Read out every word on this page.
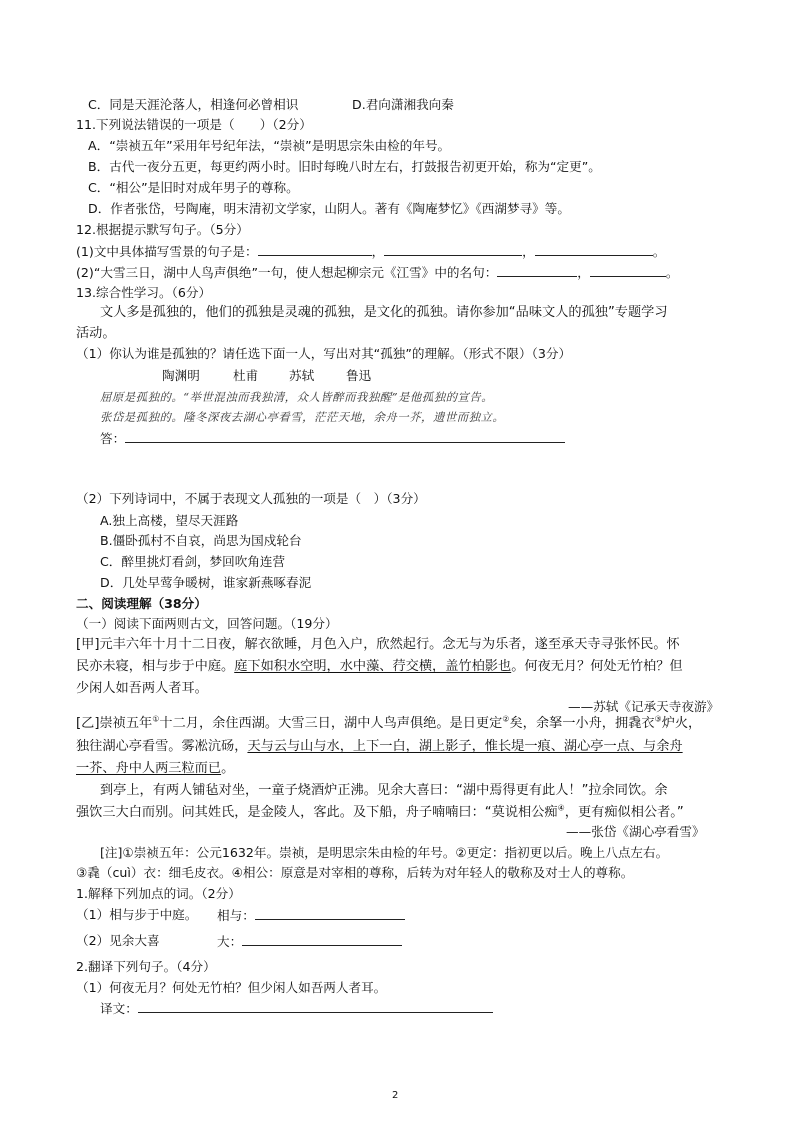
C．同是天涯沦落人，相逢何必曾相识	D.君向潇湘我向秦
11.下列说法错误的一项是（　　）（2分）
A．“崇祯五年”采用年号纪年法，“崇祯”是明思宗朱由检的年号。
B．古代一夜分五更，每更约两小时。旧时每晚八时左右，打鼓报告初更开始，称为“定更”。
C．“相公”是旧时对成年男子的尊称。
D．作者张岱，号陶庵，明末清初文学家，山阴人。著有《陶庵梦忆》《西湖梦寻》等。
12.根据提示默写句子。（5分）
(1)文中具体描写雪景的句子是：	，	，	。
(2)“大雪三日，湖中人鸟声俱绝”一句，使人想起柳宗元《江雪》中的名句：	，	。
13.综合性学习。（6分）
文人多是孤独的，他们的孤独是灵魂的孤独，是文化的孤独。请你参加“品味文人的孤独”专题学习
活动。
（1）你认为谁是孤独的？请任选下面一人，写出对其“孤独”的理解。（形式不限）（3分）
陶渊明	杜甫 苏轼	鲁迅
屈原是孤独的。“举世混浊而我独清，众人皆醉而我独醒”是他孤独的宣告。
张岱是孤独的。隆冬深夜去湖心亭看雪，茫茫天地，余舟一芥，遗世而独立。
答：
（2）下列诗词中，不属于表现文人孤独的一项是（　）（3分）
A.独上高楼，望尽天涯路
B.僵卧孤村不自哀，尚思为国戍轮台
C．醉里挑灯看剑，梦回吹角连营
D．几处早莺争暖树，谁家新燕啄春泥
二、阅读理解（38分）
（一）阅读下面两则古文，回答问题。（19分）
[甲]元丰六年十月十二日夜，解衣欲睡，月色入户，欣然起行。念无与为乐者，遂至承天寺寻张怀民。怀
民亦未寝，相与步于中庭。庭下如积水空明，水中藻、荇交横，盖竹柏影也。何夜无月？何处无竹柏？但
少闲人如吾两人者耳。
——苏轼《记承天寺夜游》
[乙]崇祯五年①十二月，余住西湖。大雪三日，湖中人鸟声俱绝。是日更定②矣，余拏一小舟，拥毳衣③炉火，
独往湖心亭看雪。雾凇沆砀，天与云与山与水，上下一白，湖上影子，惟长堤一痕、湖心亭一点、与余舟
一芥、舟中人两三粒而已。
到亭上，有两人铺毡对坐，一童子烧酒炉正沸。见余大喜曰：“湖中焉得更有此人！”拉余同饮。余
强饮三大白而别。问其姓氏，是金陵人，客此。及下船，舟子喃喃曰：“莫说相公痴④，更有痴似相公者。”
——张岱《湖心亭看雪》
[注]①崇祯五年：公元1632年。崇祯，是明思宗朱由检的年号。②更定：指初更以后。晚上八点左右。
③毳（cuì）衣：细毛皮衣。④相公：原意是对宰相的尊称，后转为对年轻人的敬称及对士人的尊称。
1.解释下列加点的词。（2分）
（1）相与步于中庭。 相与：
（2）见余大喜	大：
2.翻译下列句子。（4分）
（1）何夜无月？何处无竹柏？但少闲人如吾两人者耳。
译文：
2
